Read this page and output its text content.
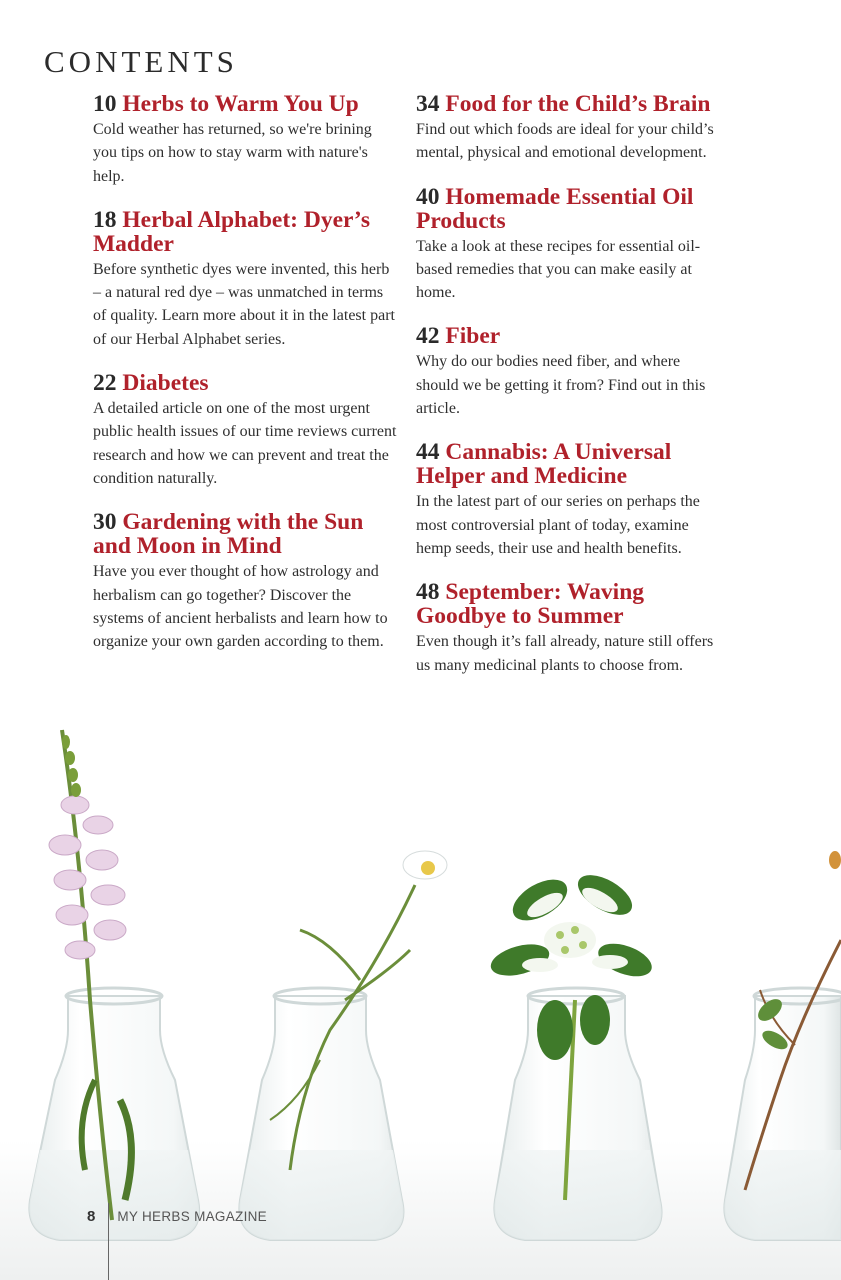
CONTENTS

10 Herbs to Warm You Up

Cold weather has returned, so we're brining you tips on how to stay warm with nature's help.

18 Herbal Alphabet: Dyer’s Madder

Before synthetic dyes were invented, this herb – a natural red dye – was unmatched in terms of quality. Learn more about it in the latest part of our Herbal Alphabet series.

22 Diabetes

A detailed article on one of the most urgent public health issues of our time reviews current research and how we can prevent and treat the condition naturally.

30 Gardening with the Sun and Moon in Mind

Have you ever thought of how astrology and herbalism can go together? Discover the systems of ancient herbalists and learn how to organize your own garden according to them.

34 Food for the Child’s Brain

Find out which foods are ideal for your child’s mental, physical and emotional development.

40 Homemade Essential Oil Products

Take a look at these recipes for essential oil-based remedies that you can make easily at home.

42 Fiber

Why do our bodies need fiber, and where should we be getting it from? Find out in this article.

44 Cannabis: A Universal Helper and Medicine

In the latest part of our series on perhaps the most controversial plant of today, examine hemp seeds, their use and health benefits.

48 September: Waving Goodbye to Summer

Even though it’s fall already, nature still offers us many medicinal plants to choose from.

8	MY HERBS MAGAZINE
